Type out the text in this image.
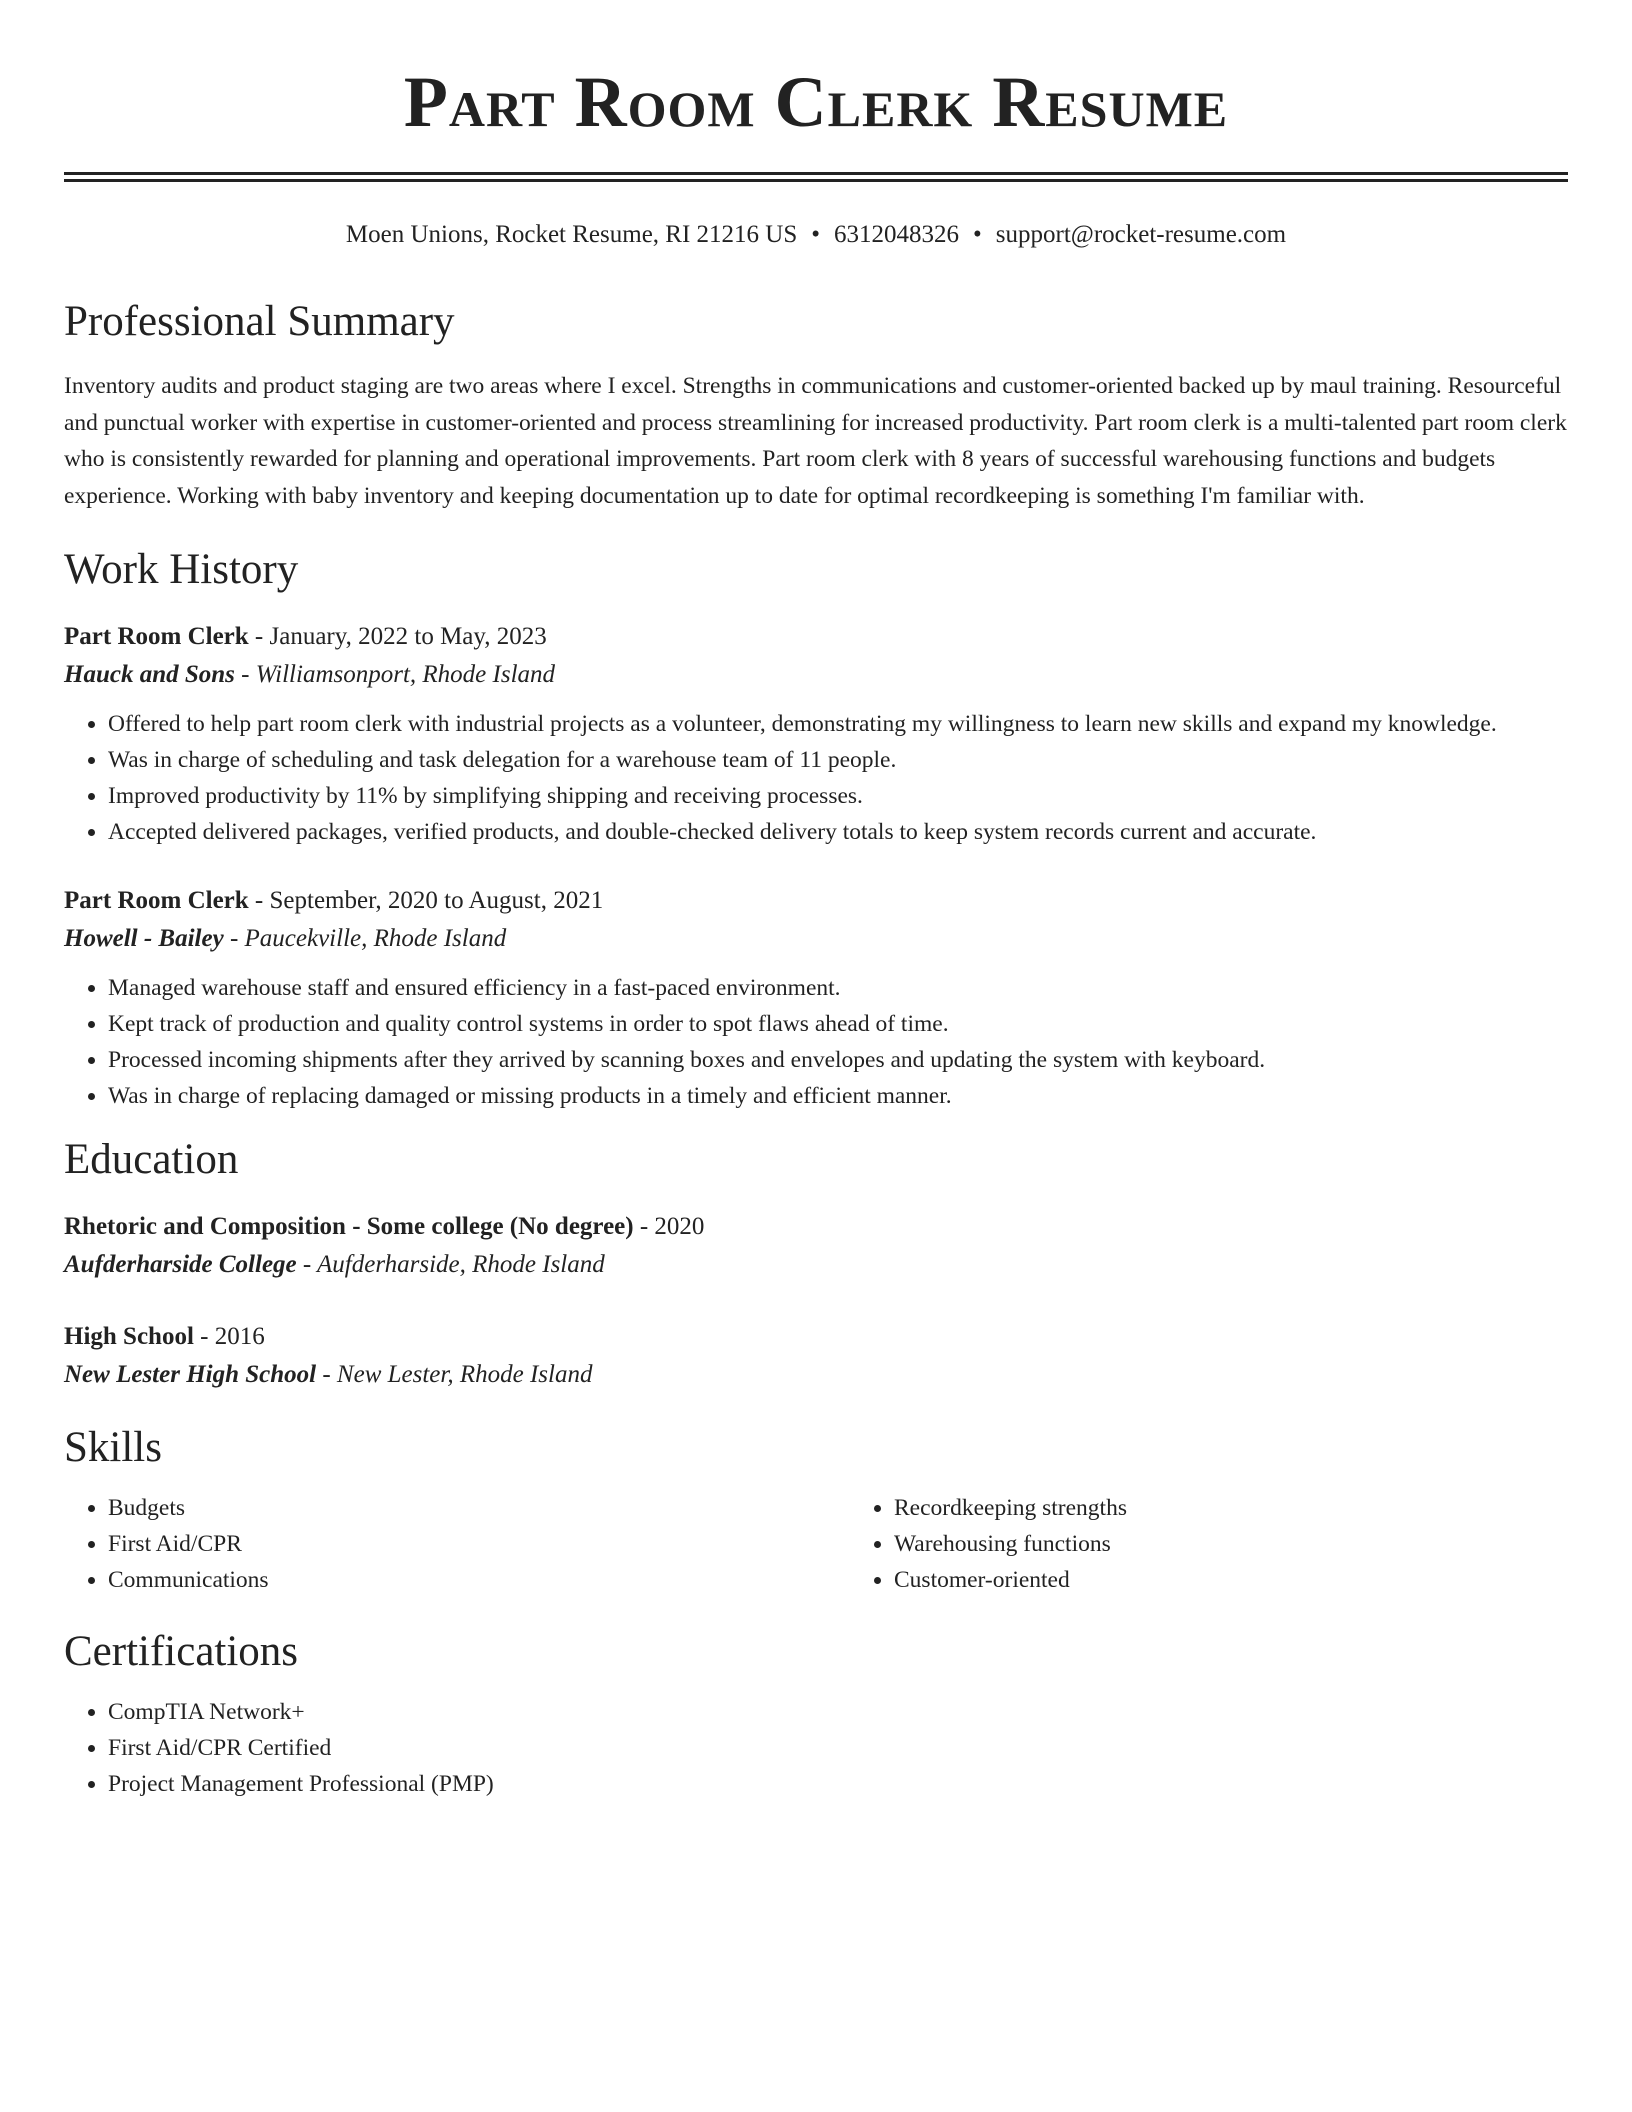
Part Room Clerk Resume
Moen Unions, Rocket Resume, RI 21216 US • 6312048326 • support@rocket-resume.com
Professional Summary

Inventory audits and product staging are two areas where I excel. Strengths in communications and customer-oriented backed up by maul training. Resourceful and punctual worker with expertise in customer-oriented and process streamlining for increased productivity. Part room clerk is a multi-talented part room clerk who is consistently rewarded for planning and operational improvements. Part room clerk with 8 years of successful warehousing functions and budgets experience. Working with baby inventory and keeping documentation up to date for optimal recordkeeping is something I'm familiar with.

Work History
Part Room Clerk - January, 2022 to May, 2023
Hauck and Sons - Williamsonport, Rhode Island
• Offered to help part room clerk with industrial projects as a volunteer, demonstrating my willingness to learn new skills and expand my knowledge.
• Was in charge of scheduling and task delegation for a warehouse team of 11 people.
• Improved productivity by 11% by simplifying shipping and receiving processes.
• Accepted delivered packages, verified products, and double-checked delivery totals to keep system records current and accurate.
Part Room Clerk - September, 2020 to August, 2021
Howell - Bailey - Paucekville, Rhode Island
• Managed warehouse staff and ensured efficiency in a fast-paced environment.
• Kept track of production and quality control systems in order to spot flaws ahead of time.
• Processed incoming shipments after they arrived by scanning boxes and envelopes and updating the system with keyboard.
• Was in charge of replacing damaged or missing products in a timely and efficient manner.
Education
Rhetoric and Composition - Some college (No degree) - 2020
Aufderharside College - Aufderharside, Rhode Island
High School - 2016
New Lester High School - New Lester, Rhode Island
Skills
• Budgets
• First Aid/CPR
• Communications
• Recordkeeping strengths
• Warehousing functions
• Customer-oriented
Certifications
• CompTIA Network+
• First Aid/CPR Certified
• Project Management Professional (PMP)
